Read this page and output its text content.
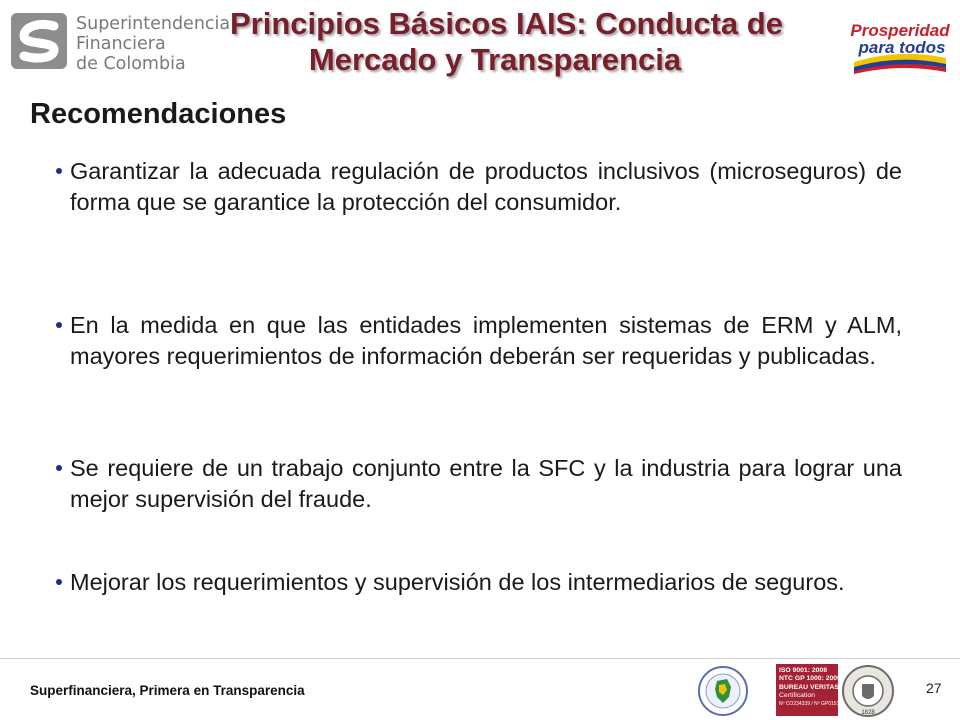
Superintendencia
Financiera
de Colombia
Principios Básicos IAIS: Conducta de
Mercado y Transparencia
Prosperidad
para todos
Recomendaciones
Garantizar la adecuada regulación de productos inclusivos (microseguros) de forma que se garantice la protección del consumidor.
En la medida en que las entidades implementen sistemas de ERM y ALM, mayores requerimientos de información deberán ser requeridas y publicadas.
Se requiere de un trabajo conjunto entre la SFC y la industria para lograr una mejor supervisión del fraude.
Mejorar los requerimientos y supervisión de los intermediarios de seguros.
Superfinanciera, Primera en Transparencia
ISO 9001: 2008
NTC GP 1000: 2009
BUREAU VERITAS
Certification
Nº CO234339 / Nº GP0151
1828
27
